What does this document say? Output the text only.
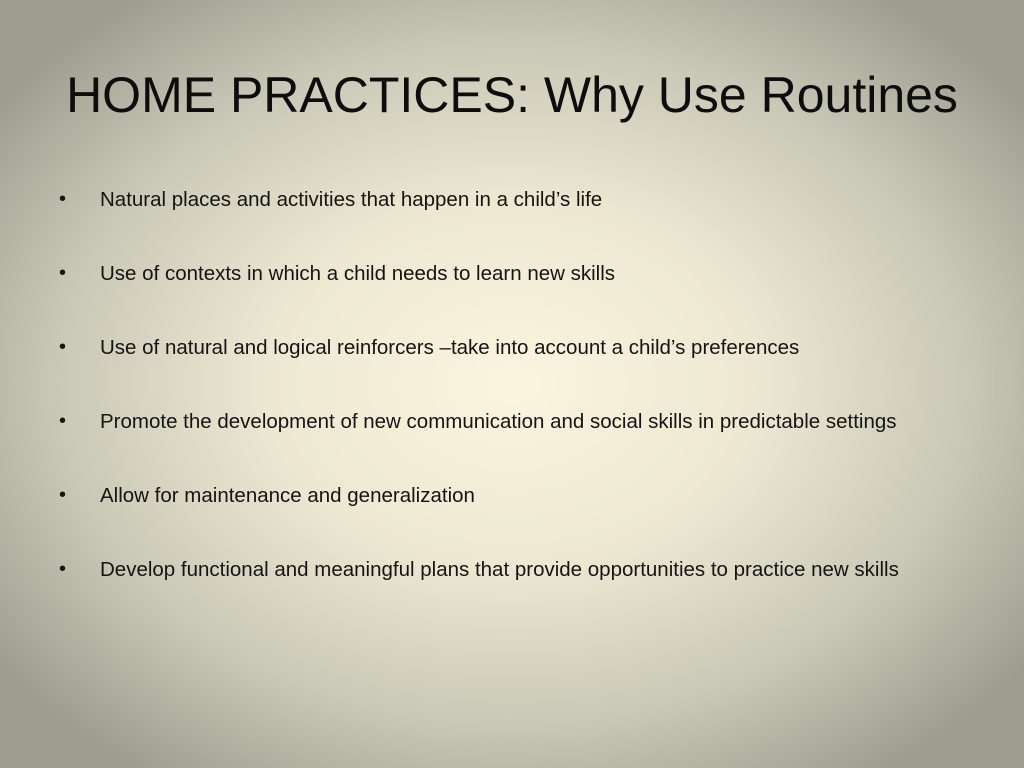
HOME PRACTICES: Why Use Routines
• Natural places and activities that happen in a child’s life
• Use of contexts in which a child needs to learn new skills
• Use of natural and logical reinforcers –take into account a child’s preferences
• Promote the development of new communication and social skills in predictable settings
• Allow for maintenance and generalization
• Develop functional and meaningful plans that provide opportunities to practice new skills
